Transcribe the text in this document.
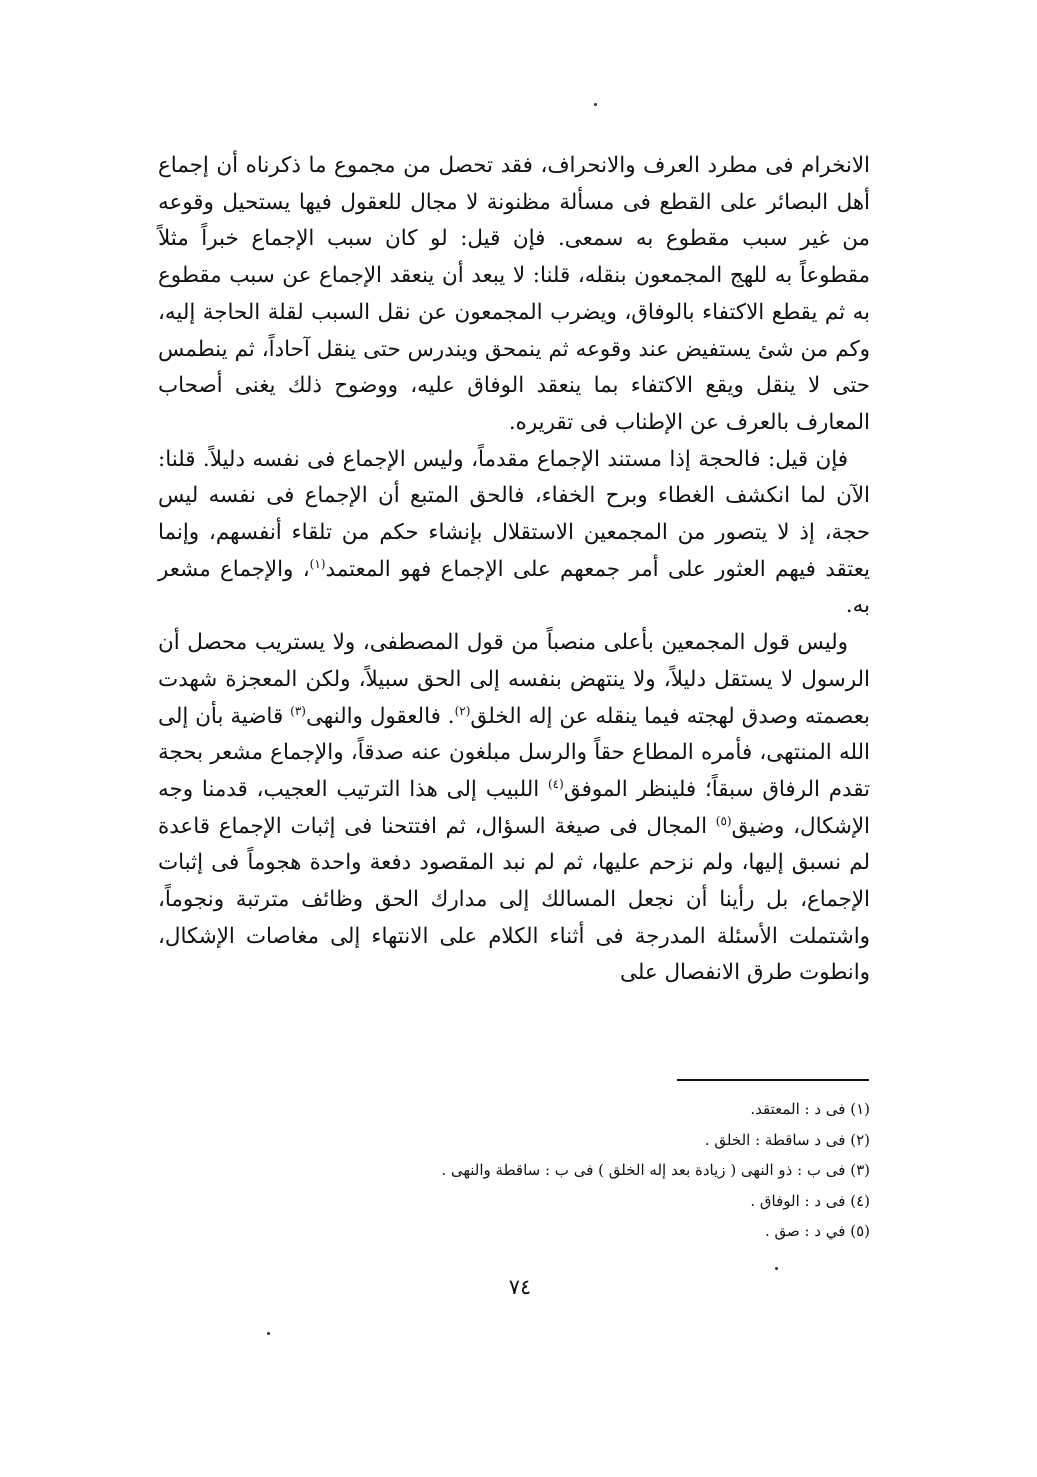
الانخرام فى مطرد العرف والانحراف، فقد تحصل من مجموع ما ذكرناه أن إجماع أهل البصائر على القطع فى مسألة مظنونة لا مجال للعقول فيها يستحيل وقوعه من غير سبب مقطوع به سمعى. فإن قيل: لو كان سبب الإجماع خبراً مثلاً مقطوعاً به للهج المجمعون بنقله، قلنا: لا يبعد أن ينعقد الإجماع عن سبب مقطوع به ثم يقطع الاكتفاء بالوفاق، ويضرب المجمعون عن نقل السبب لقلة الحاجة إليه، وكم من شئ يستفيض عند وقوعه ثم ينمحق ويندرس حتى ينقل آحاداً، ثم ينطمس حتى لا ينقل ويقع الاكتفاء بما ينعقد الوفاق عليه، ووضوح ذلك يغنى أصحاب المعارف بالعرف عن الإطناب فى تقريره.

فإن قيل: فالحجة إذا مستند الإجماع مقدماً، وليس الإجماع فى نفسه دليلاً. قلنا: الآن لما انكشف الغطاء وبرح الخفاء، فالحق المتبع أن الإجماع فى نفسه ليس حجة، إذ لا يتصور من المجمعين الاستقلال بإنشاء حكم من تلقاء أنفسهم، وإنما يعتقد فيهم العثور على أمر جمعهم على الإجماع فهو المعتمد$^{(١)}$، والإجماع مشعر به.

وليس قول المجمعين بأعلى منصباً من قول المصطفى، ولا يستريب محصل أن الرسول لا يستقل دليلاً، ولا ينتهض بنفسه إلى الحق سبيلاً، ولكن المعجزة شهدت بعصمته وصدق لهجته فيما ينقله عن إله الخلق$^{(٢)}$. فالعقول والنهى$^{(٣)}$ قاضية بأن إلى الله المنتهى، فأمره المطاع حقاً والرسل مبلغون عنه صدقاً، والإجماع مشعر بحجة تقدم الرفاق سبقاً؛ فلينظر الموفق$^{(٤)}$ اللبيب إلى هذا الترتيب العجيب، قدمنا وجه الإشكال، وضيق$^{(٥)}$ المجال فى صيغة السؤال، ثم افتتحنا فى إثبات الإجماع قاعدة لم نسبق إليها، ولم نزحم عليها، ثم لم نبد المقصود دفعة واحدة هجوماً فى إثبات الإجماع، بل رأينا أن نجعل المسالك إلى مدارك الحق وظائف مترتبة ونجوماً، واشتملت الأسئلة المدرجة فى أثناء الكلام على الانتهاء إلى مغاصات الإشكال، وانطوت طرق الانفصال على

(١) فى د : المعتقد.
(٢) فى د ساقطة : الخلق .
(٣) فى ب : ذو النهى ( زيادة بعد إله الخلق ) فى ب : ساقطة والنهى .
(٤) فى د : الوفاق .
(٥) في د : صق .
٧٤
